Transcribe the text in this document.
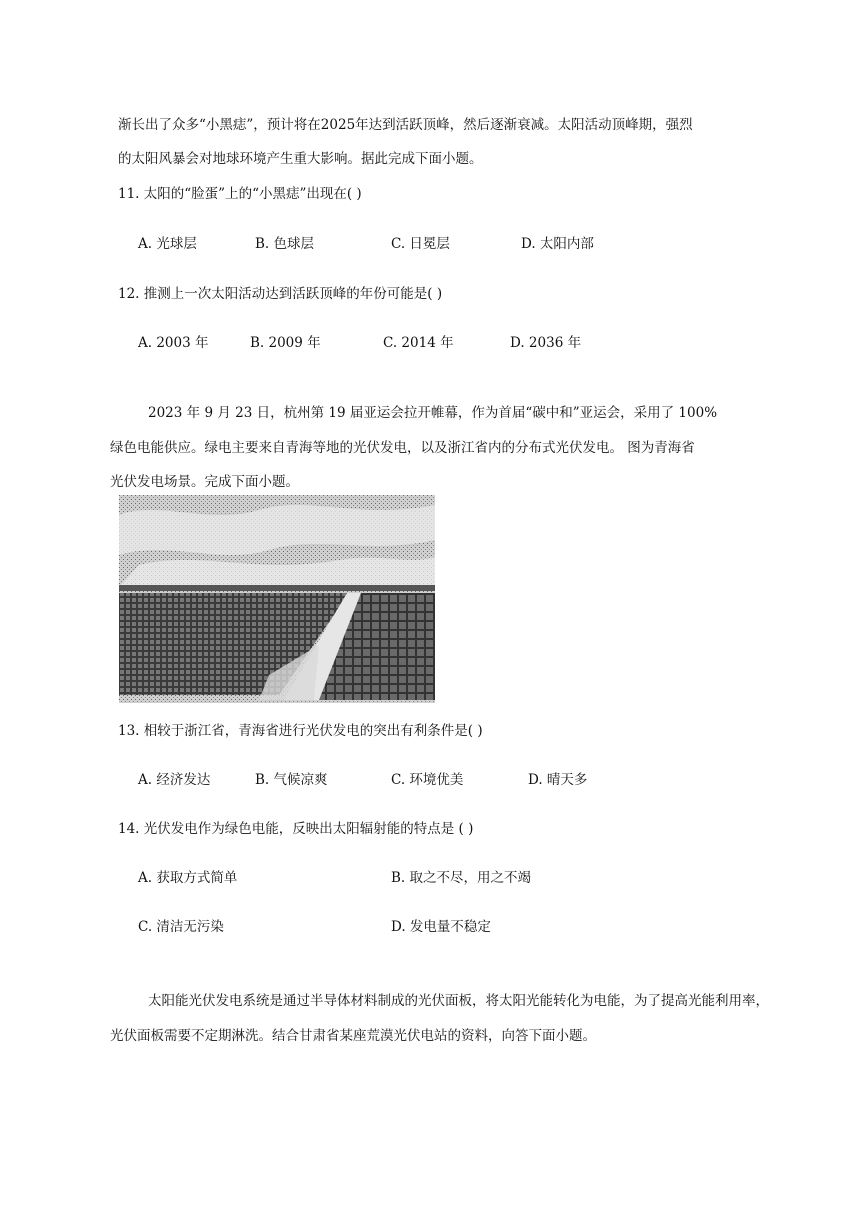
渐长出了众多“小黑痣”，预计将在2025年达到活跃顶峰，然后逐渐衰减。太阳活动顶峰期，强烈
的太阳风暴会对地球环境产生重大影响。据此完成下面小题。
11. 太阳的“脸蛋”上的“小黑痣”出现在( )
A. 光球层	B. 色球层	C. 日冕层	D. 太阳内部
12. 推测上一次太阳活动达到活跃顶峰的年份可能是( )
A. 2003 年	B. 2009 年	C. 2014 年	D. 2036 年
2023 年 9 月 23 日，杭州第 19 届亚运会拉开帷幕，作为首届“碳中和”亚运会，采用了 100%
绿色电能供应。绿电主要来自青海等地的光伏发电，以及浙江省内的分布式光伏发电。 图为青海省
光伏发电场景。完成下面小题。
13. 相较于浙江省，青海省进行光伏发电的突出有利条件是( )
A. 经济发达	B. 气候凉爽	C. 环境优美	D. 晴天多
14. 光伏发电作为绿色电能，反映出太阳辐射能的特点是 ( )
A. 获取方式简单	B. 取之不尽，用之不竭
C. 清洁无污染	D. 发电量不稳定
太阳能光伏发电系统是通过半导体材料制成的光伏面板，将太阳光能转化为电能，为了提高光能利用率，
光伏面板需要不定期淋洗。结合甘肃省某座荒漠光伏电站的资料，向答下面小题。
